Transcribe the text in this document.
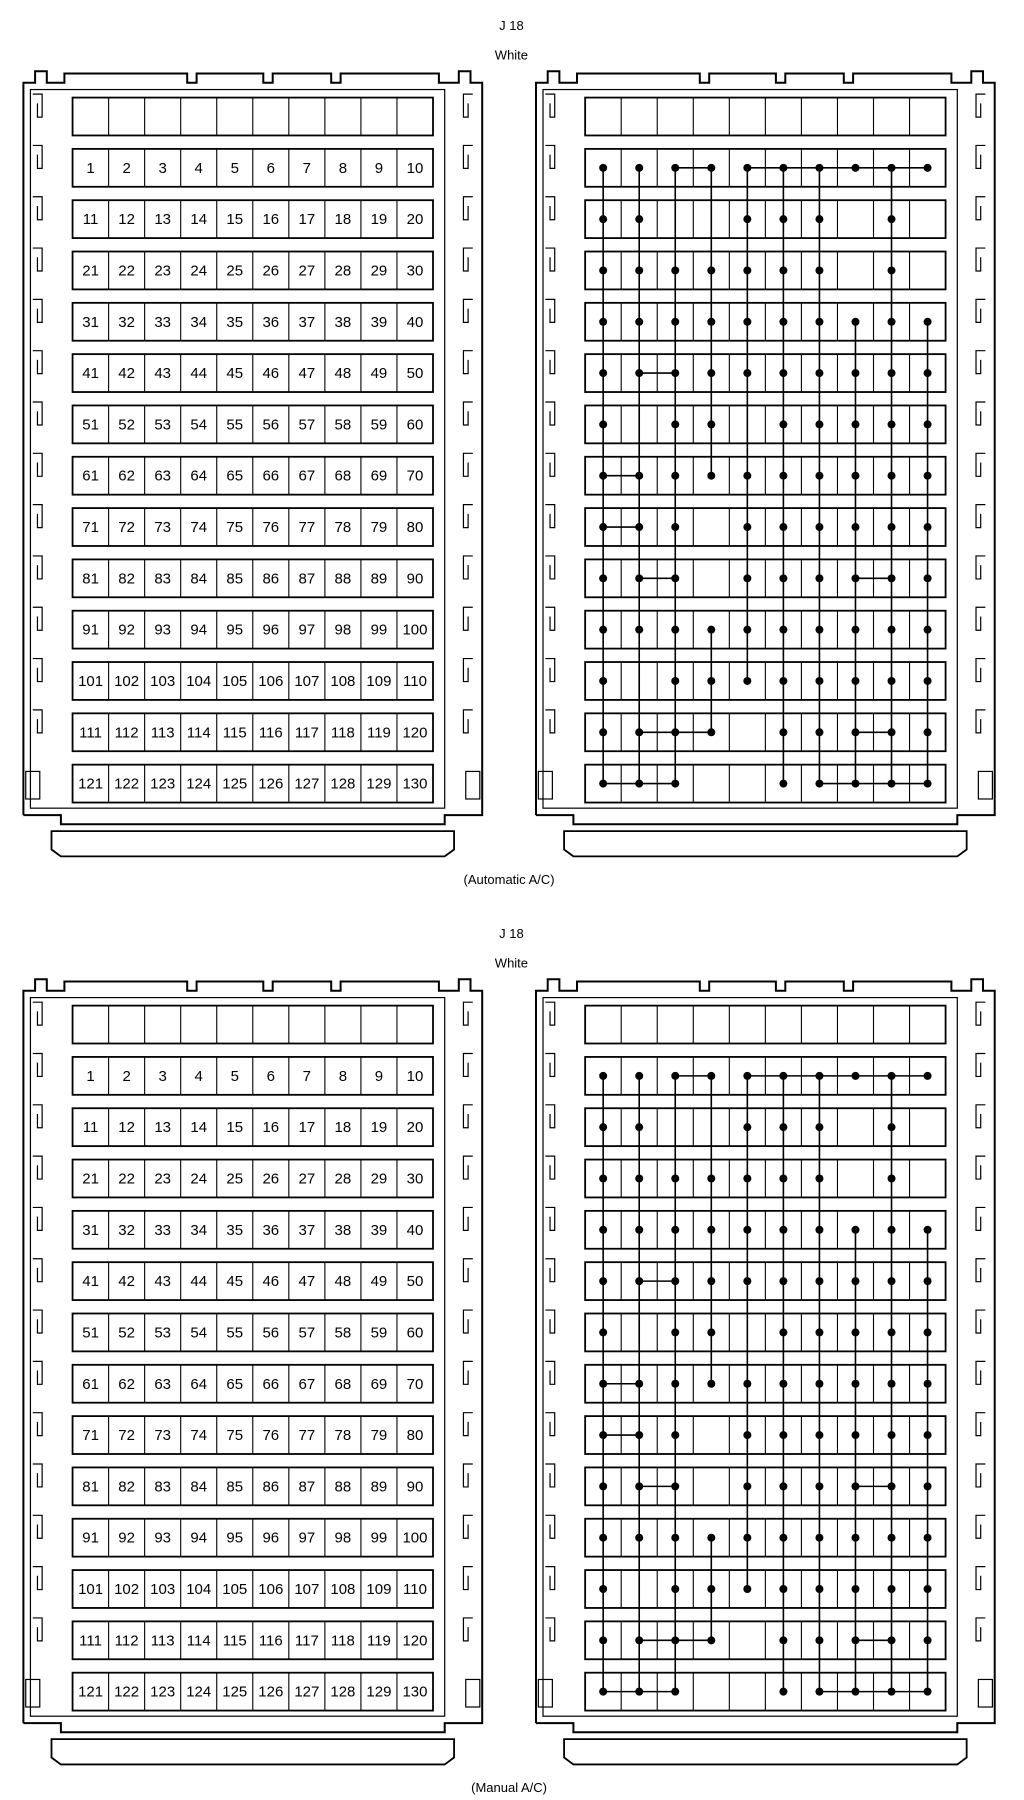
J 18
White
1 2 3 4 5 6 7 8 9 10
11 12 13 14 15 16 17 18 19 20
21 22 23 24 25 26 27 28 29 30
31 32 33 34 35 36 37 38 39 40
41 42 43 44 45 46 47 48 49 50
51 52 53 54 55 56 57 58 59 60
61 62 63 64 65 66 67 68 69 70
71 72 73 74 75 76 77 78 79 80
81 82 83 84 85 86 87 88 89 90
91 92 93 94 95 96 97 98 99 100
101 102 103 104 105 106 107 108 109 110
111 112 113 114 115 116 117 118 119 120
121 122 123 124 125 126 127 128 129 130
(Automatic A/C)
J 18
White
1 2 3 4 5 6 7 8 9 10
11 12 13 14 15 16 17 18 19 20
21 22 23 24 25 26 27 28 29 30
31 32 33 34 35 36 37 38 39 40
41 42 43 44 45 46 47 48 49 50
51 52 53 54 55 56 57 58 59 60
61 62 63 64 65 66 67 68 69 70
71 72 73 74 75 76 77 78 79 80
81 82 83 84 85 86 87 88 89 90
91 92 93 94 95 96 97 98 99 100
101 102 103 104 105 106 107 108 109 110
111 112 113 114 115 116 117 118 119 120
121 122 123 124 125 126 127 128 129 130
(Manual A/C)
